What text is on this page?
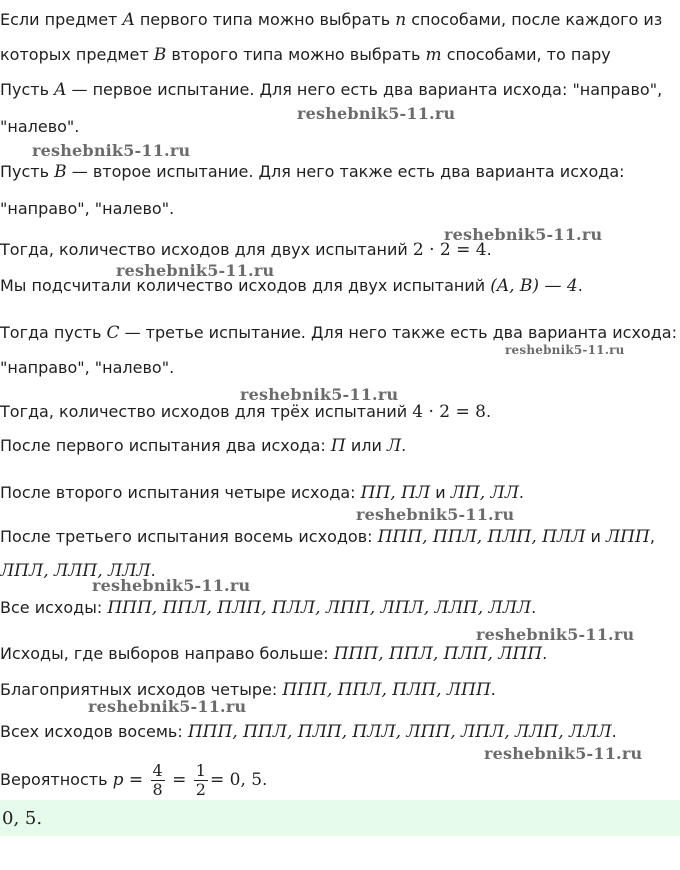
Если предмет A первого типа можно выбрать n способами, после каждого из
которых предмет B второго типа можно выбрать m способами, то пару
Пусть A — первое испытание. Для него есть два варианта исхода: "направо",
"налево".
Пусть B — второе испытание. Для него также есть два варианта исхода:
"направо", "налево".
Тогда, количество исходов для двух испытаний 2 · 2 = 4.
Мы подсчитали количество исходов для двух испытаний (A, B) — 4.
Тогда пусть C — третье испытание. Для него также есть два варианта исхода:
"направо", "налево".
Тогда, количество исходов для трёх испытаний 4 · 2 = 8.
После первого испытания два исхода: П или Л.
После второго испытания четыре исхода: ПП, ПЛ и ЛП, ЛЛ.
После третьего испытания восемь исходов: ППП, ППЛ, ПЛП, ПЛЛ и ЛПП,
ЛПЛ, ЛЛП, ЛЛЛ.
Все исходы: ППП, ППЛ, ПЛП, ПЛЛ, ЛПП, ЛПЛ, ЛЛП, ЛЛЛ.
Исходы, где выборов направо больше: ППП, ППЛ, ПЛП, ЛПП.
Благоприятных исходов четыре: ППП, ППЛ, ПЛП, ЛПП.
Всех исходов восемь: ППП, ППЛ, ПЛП, ПЛЛ, ЛПП, ЛПЛ, ЛЛП, ЛЛЛ.
Вероятность $p = \frac{4}{8} = \frac{1}{2} = 0$, 5.
0, 5.
reshebnik5-11.ru
reshebnik5-11.ru
reshebnik5-11.ru
reshebnik5-11.ru
reshebnik5-11.ru
reshebnik5-11.ru
reshebnik5-11.ru
reshebnik5-11.ru
reshebnik5-11.ru
reshebnik5-11.ru
reshebnik5-11.ru
